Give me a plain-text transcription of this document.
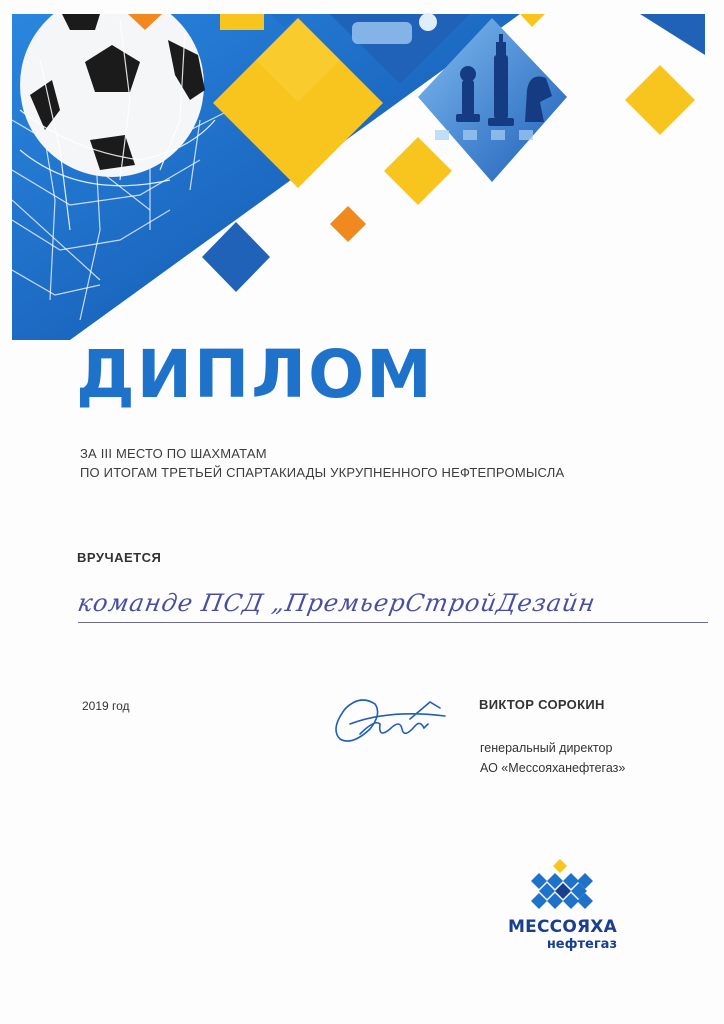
ДИПЛОМ
ЗА III МЕСТО ПО ШАХМАТАМ
ПО ИТОГАМ ТРЕТЬЕЙ СПАРТАКИАДЫ УКРУПНЕННОГО НЕФТЕПРОМЫСЛА
ВРУЧАЕТСЯ
команде ПСД „ПремьерСтройДезайн
2019 год	ВИКТОР СОРОКИН
генеральный директор
АО «Мессояханефтегаз»
МЕССОЯХА
нефтегаз
